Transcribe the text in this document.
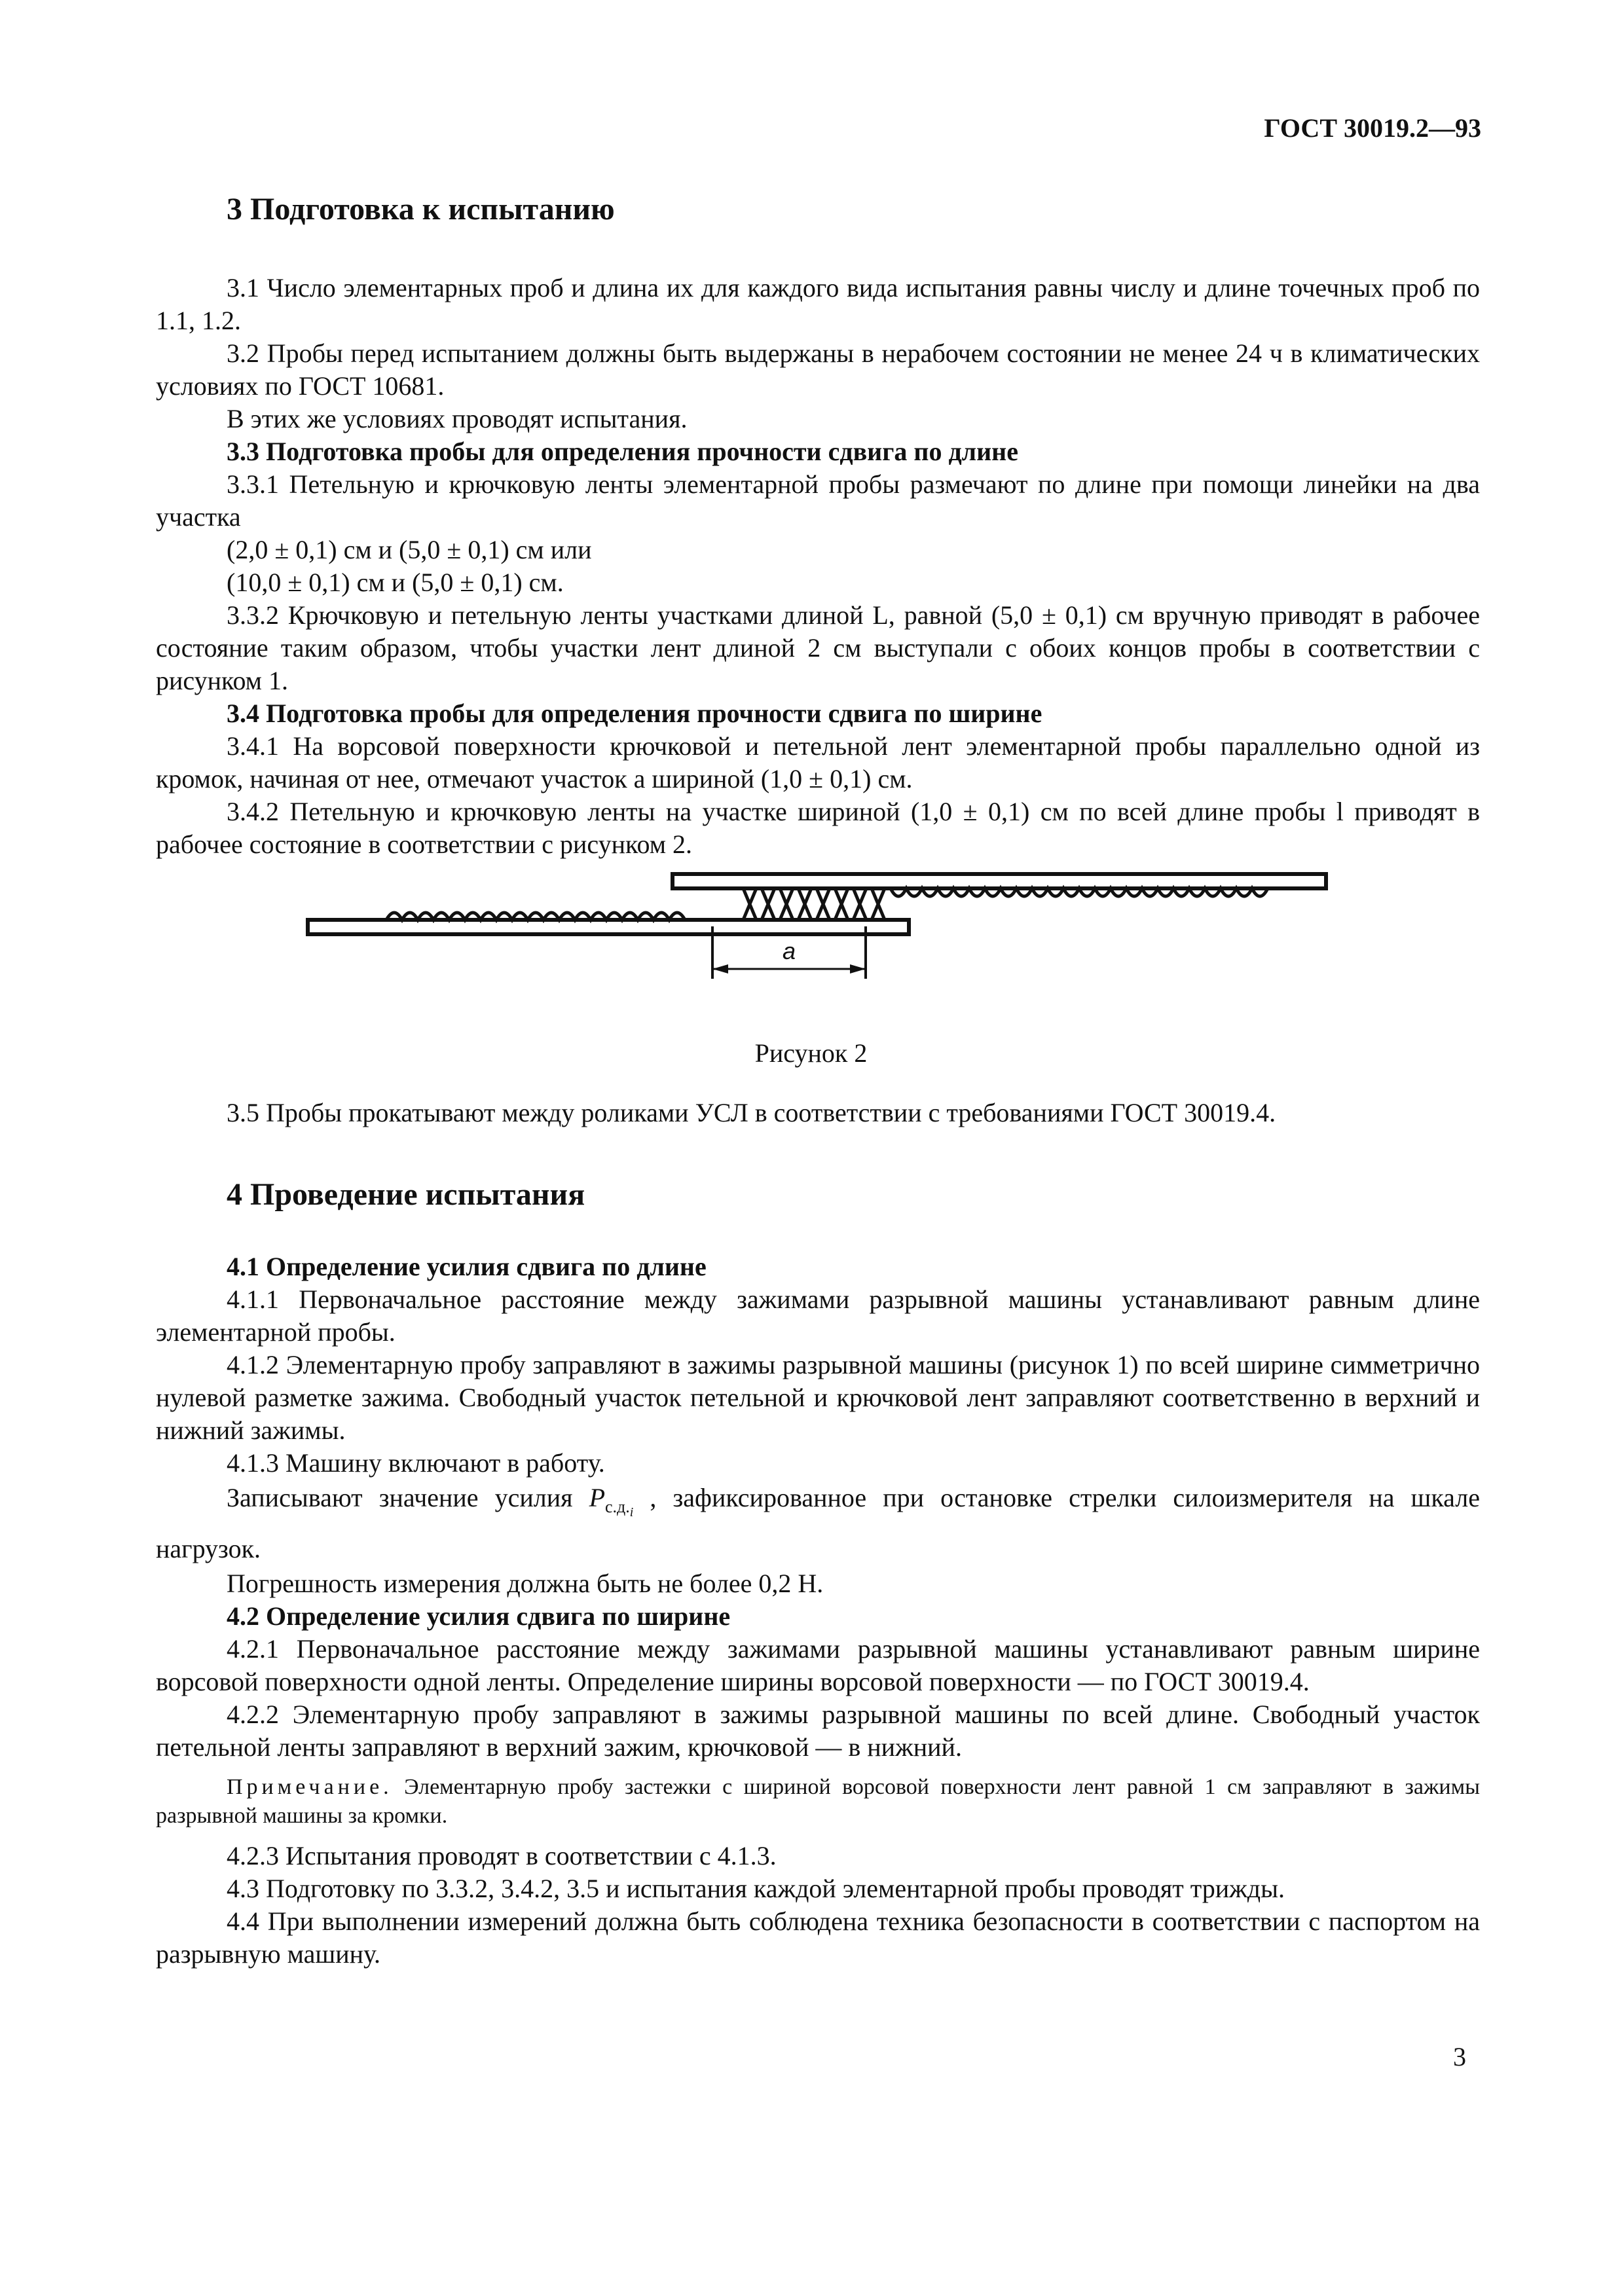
ГОСТ 30019.2—93
3 Подготовка к испытанию

3.1 Число элементарных проб и длина их для каждого вида испытания равны числу и длине точечных проб по 1.1, 1.2.

3.2 Пробы перед испытанием должны быть выдержаны в нерабочем состоянии не менее 24 ч в климатических условиях по ГОСТ 10681.

В этих же условиях проводят испытания.

3.3 Подготовка пробы для определения прочности сдвига по длине

3.3.1 Петельную и крючковую ленты элементарной пробы размечают по длине при помощи линейки на два участка

(2,0 ± 0,1) см и (5,0 ± 0,1) см или

(10,0 ± 0,1) см и (5,0 ± 0,1) см.

3.3.2 Крючковую и петельную ленты участками длиной L, равной (5,0 ± 0,1) см вручную приводят в рабочее состояние таким образом, чтобы участки лент длиной 2 см выступали с обоих концов пробы в соответствии с рисунком 1.

3.4 Подготовка пробы для определения прочности сдвига по ширине

3.4.1 На ворсовой поверхности крючковой и петельной лент элементарной пробы параллельно одной из кромок, начиная от нее, отмечают участок а шириной (1,0 ± 0,1) см.

3.4.2 Петельную и крючковую ленты на участке шириной (1,0 ± 0,1) см по всей длине пробы l приводят в рабочее состояние в соответствии с рисунком 2.

3.5 Пробы прокатывают между роликами УСЛ в соответствии с требованиями ГОСТ 30019.4.

4 Проведение испытания

4.1 Определение усилия сдвига по длине

4.1.1 Первоначальное расстояние между зажимами разрывной машины устанавливают равным длине элементарной пробы.

4.1.2 Элементарную пробу заправляют в зажимы разрывной машины (рисунок 1) по всей ширине симметрично нулевой разметке зажима. Свободный участок петельной и крючковой лент заправляют соответственно в верхний и нижний зажимы.

4.1.3 Машину включают в работу.

Записывают значение усилия $P_{с.д._i}$ , зафиксированное при остановке стрелки силоизмерителя на шкале нагрузок.

Погрешность измерения должна быть не более 0,2 Н.

4.2 Определение усилия сдвига по ширине

4.2.1 Первоначальное расстояние между зажимами разрывной машины устанавливают равным ширине ворсовой поверхности одной ленты. Определение ширины ворсовой поверхности — по ГОСТ 30019.4.

4.2.2 Элементарную пробу заправляют в зажимы разрывной машины по всей длине. Свободный участок петельной ленты заправляют в верхний зажим, крючковой — в нижний.

Примечание. Элементарную пробу застежки с шириной ворсовой поверхности лент равной 1 см заправляют в зажимы разрывной машины за кромки.

4.2.3 Испытания проводят в соответствии с 4.1.3.

4.3 Подготовку по 3.3.2, 3.4.2, 3.5 и испытания каждой элементарной пробы проводят трижды.

4.4 При выполнении измерений должна быть соблюдена техника безопасности в соответствии с паспортом на разрывную машину.

a
Рисунок 2
3
